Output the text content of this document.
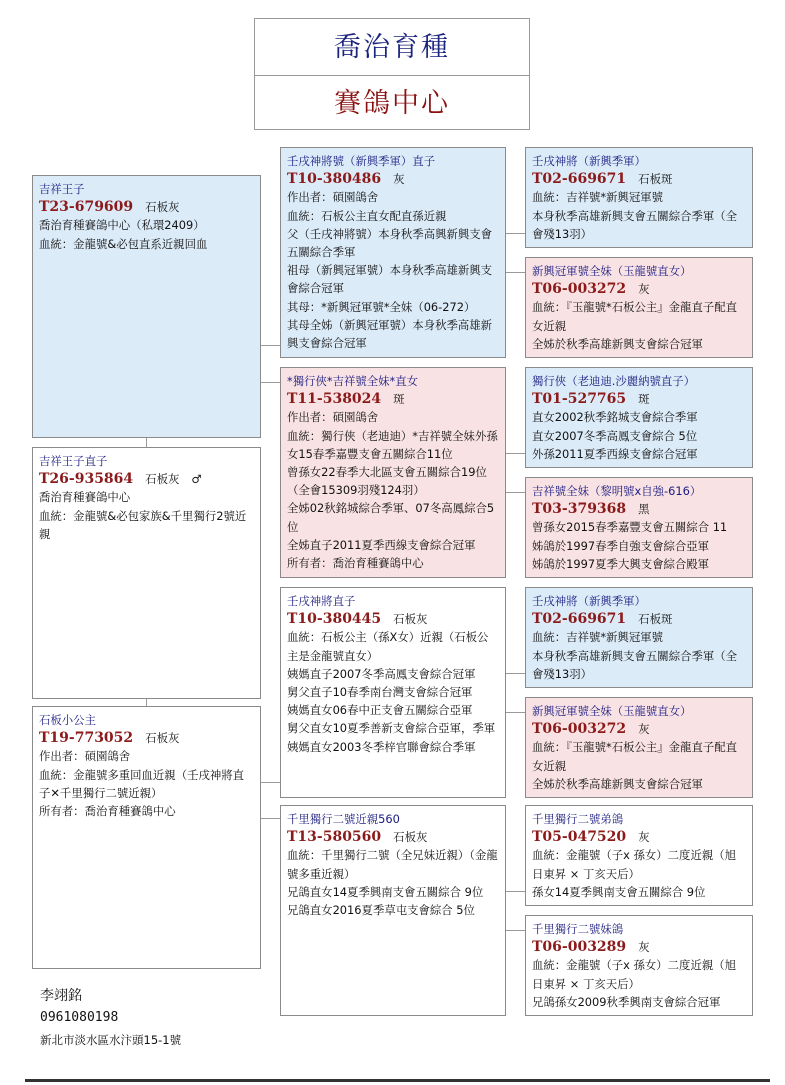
喬治育種
賽鴿中心
吉祥王子
T23-679609 石板灰
喬治育種賽鴿中心（私環2409）
血統：金龍號&必包直系近親回血
吉祥王子直子
T26-935864 石板灰 ♂
喬治育種賽鴿中心
血統：金龍號&必包家族&千里獨行2號近親
石板小公主
T19-773052 石板灰
作出者：碩園鴿舍
血統：金龍號多重回血近親（壬戌神將直子✕千里獨行二號近親）
所有者：喬治育種賽鴿中心
壬戌神將號（新興季軍）直子
T10-380486 灰
作出者：碩園鴿舍
血統：石板公主直女配直孫近親
父（壬戌神將號）本身秋季高興新興支會五關綜合季軍
祖母（新興冠軍號）本身秋季高雄新興支會綜合冠軍
其母：*新興冠軍號*全妹（06-272）
其母全姊（新興冠軍號）本身秋季高雄新興支會綜合冠軍
*獨行俠*吉祥號全妹*直女
T11-538024 斑
作出者：碩園鴿舍
血統：獨行俠（老迪迪）*吉祥號全妹外孫女15春季嘉豐支會五關綜合11位
曾孫女22春季大北區支會五關綜合19位（全會15309羽殘124羽）
全姊02秋銘城綜合季軍、07冬高鳳綜合5位
全姊直子2011夏季西線支會綜合冠軍
所有者：喬治育種賽鴿中心
壬戌神將直子
T10-380445 石板灰
血統：石板公主（孫X女）近親（石板公主是金龍號直女）
姨媽直子2007冬季高鳳支會綜合冠軍
舅父直子10春季南台灣支會綜合冠軍
姨媽直女06春中正支會五關綜合亞軍
舅父直女10夏季善新支會綜合亞軍，季軍
姨媽直女2003冬季梓官聯會綜合季軍
千里獨行二號近親560
T13-580560 石板灰
血統：千里獨行二號（全兄妹近親）（金龍號多重近親）
兄鴿直女14夏季興南支會五關綜合 9位
兄鴿直女2016夏季草屯支會綜合 5位
壬戌神將（新興季軍）
T02-669671 石板斑
血統：吉祥號*新興冠軍號
本身秋季高雄新興支會五關綜合季軍（全會殘13羽）
新興冠軍號全妹（玉龍號直女）
T06-003272 灰
血統：『玉龍號*石板公主』金龍直子配直女近親
全姊於秋季高雄新興支會綜合冠軍
獨行俠（老迪迪.沙麗納號直子）
T01-527765 斑
直女2002秋季銘城支會綜合季軍
直女2007冬季高鳳支會綜合 5位
外孫2011夏季西線支會綜合冠軍
吉祥號全妹（黎明號x自強-616）
T03-379368 黑
曾孫女2015春季嘉豐支會五關綜合 11
姊鴿於1997春季自強支會綜合亞軍
姊鴿於1997夏季大興支會綜合殿軍
壬戌神將（新興季軍）
T02-669671 石板斑
血統：吉祥號*新興冠軍號
本身秋季高雄新興支會五關綜合季軍（全會殘13羽）
新興冠軍號全妹（玉龍號直女）
T06-003272 灰
血統：『玉龍號*石板公主』金龍直子配直女近親
全姊於秋季高雄新興支會綜合冠軍
千里獨行二號弟鴿
T05-047520 灰
血統：金龍號（子x 孫女）二度近親（旭日東昇 × 丁亥天后）
孫女14夏季興南支會五關綜合 9位
千里獨行二號妹鴿
T06-003289 灰
血統：金龍號（子x 孫女）二度近親（旭日東昇 × 丁亥天后）
兄鴿孫女2009秋季興南支會綜合冠軍
李翊銘
0961080198
新北市淡水區水汴頭15-1號
